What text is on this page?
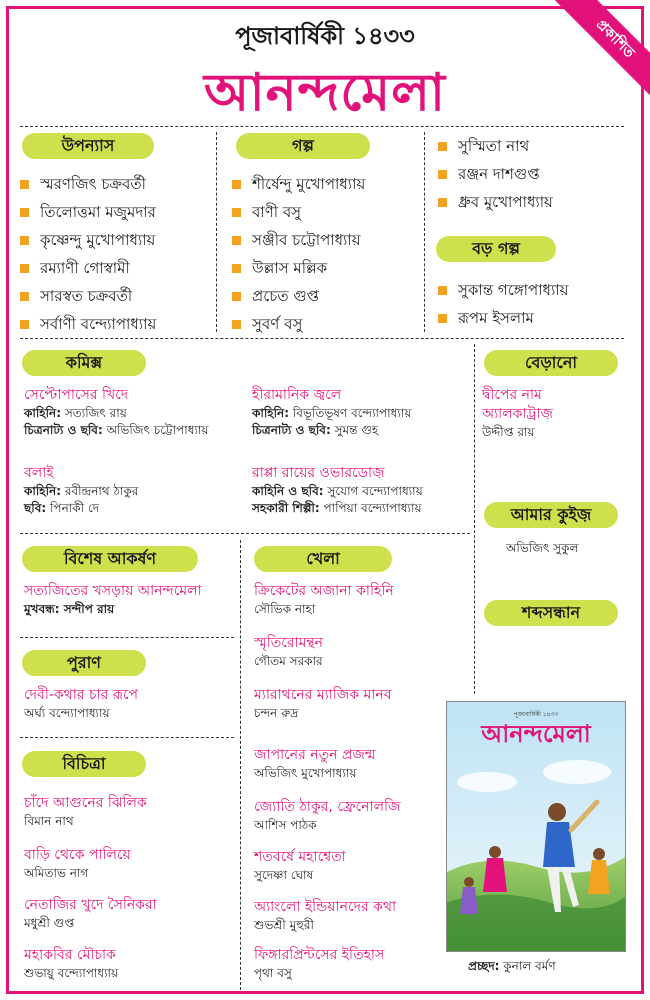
পূজাবার্ষিকী ১৪৩৩
আনন্দমেলা
প্রকাশিত
উপন্যাস
স্মরণজিৎ চক্রবর্তী
তিলোত্তমা মজুমদার
কৃষ্ণেন্দু মুখোপাধ্যায়
রম্যাণী গোস্বামী
সারস্বত চক্রবর্তী
সর্বাণী বন্দ্যোপাধ্যায়
গল্প
শীর্ষেন্দু মুখোপাধ্যায়
বাণী বসু
সঞ্জীব চট্টোপাধ্যায়
উল্লাস মল্লিক
প্রচেত গুপ্ত
সুবর্ণ বসু
সুস্মিতা নাথ
রঞ্জন দাশগুপ্ত
ধ্রুব মুখোপাধ্যায়
বড় গল্প
সুকান্ত গঙ্গোপাধ্যায়
রূপম ইসলাম
কমিক্স
সেপ্টোপাসের খিদে
কাহিনি: সত্যজিৎ রায়
চিত্রনাট্য ও ছবি: অভিজিৎ চট্টোপাধ্যায়
হীরামানিক জ্বলে
কাহিনি: বিভূতিভূষণ বন্দ্যোপাধ্যায়
চিত্রনাট্য ও ছবি: সুমন্ত গুহ
বলাই
কাহিনি: রবীন্দ্রনাথ ঠাকুর
ছবি: পিনাকী দে
রাপ্পা রায়ের ওভারডোজ়
কাহিনি ও ছবি: সুযোগ বন্দ্যোপাধ্যায়
সহকারী শিল্পী: পাপিয়া বন্দ্যোপাধ্যায়
বেড়ানো
দ্বীপের নাম
অ্যালকাট্রাজ়
উদ্দীপ্ত রায়
আমার কুইজ়
অভিজিৎ সুকুল
শব্দসন্ধান
বিশেষ আকর্ষণ
সত্যজিতের খসড়ায় আনন্দমেলা
মুখবন্ধ: সন্দীপ রায়
খেলা
ক্রিকেটের অজানা কাহিনি
সৌভিক নাহা
স্মৃতিরোমন্থন
গৌতম সরকার
ম্যারাথনের ম্যাজিক মানব
চন্দন রুদ্র
জাপানের নতুন প্রজন্ম
অভিজিৎ মুখোপাধ্যায়
জ্যোতি ঠাকুর, ফ্রেনোলজি
আশিস পাঠক
শতবর্ষে মহাশ্বেতা
সুদেষ্ণা ঘোষ
অ্যাংলো ইন্ডিয়ানদের কথা
শুভশ্রী মুহুরী
ফিঙ্গারপ্রিন্টসের ইতিহাস
পৃথা বসু
পুরাণ
দেবী-কথার চার রূপে
অর্ঘ্য বন্দ্যোপাধ্যায়
বিচিত্রা
চাঁদে আগুনের ঝিলিক
বিমান নাথ
বাড়ি থেকে পালিয়ে
অমিতাভ নাগ
নেতাজির খুদে সৈনিকরা
মধুশ্রী গুপ্ত
মহাকবির মৌচাক
শুভায়ু বন্দ্যোপাধ্যায়
পূজাবার্ষিকী ১৪৩৩
আনন্দমেলা
প্রচ্ছদ: কুনাল বর্মণ
